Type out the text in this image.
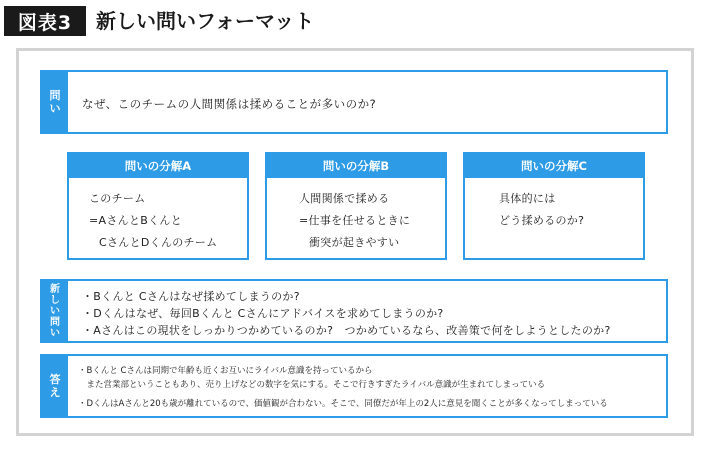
図表3	新しい問いフォーマット
問
い なぜ、このチームの人間関係は揉めることが多いのか?
問いの分解A
このチーム
=AさんとBくんと
CさんとDくんのチーム
問いの分解B
人間関係で揉める
=仕事を任せるときに
衝突が起きやすい
問いの分解C
具体的には
どう揉めるのか?
新
し
い
問
い
・Bくんと Cさんはなぜ揉めてしまうのか?
・Dくんはなぜ、毎回Bくんと Cさんにアドバイスを求めてしまうのか?
・Aさんはこの現状をしっかりつかめているのか?　つかめているなら、改善策で何をしようとしたのか?
答
え
・Bくんと Cさんは同期で年齢も近くお互いにライバル意識を持っているから
　また営業部ということもあり、売り上げなどの数字を気にする。そこで行きすぎたライバル意識が生まれてしまっている
・DくんはAさんと20も歳が離れているので、価値観が合わない。そこで、同僚だが年上の2人に意見を聞くことが多くなってしまっている
